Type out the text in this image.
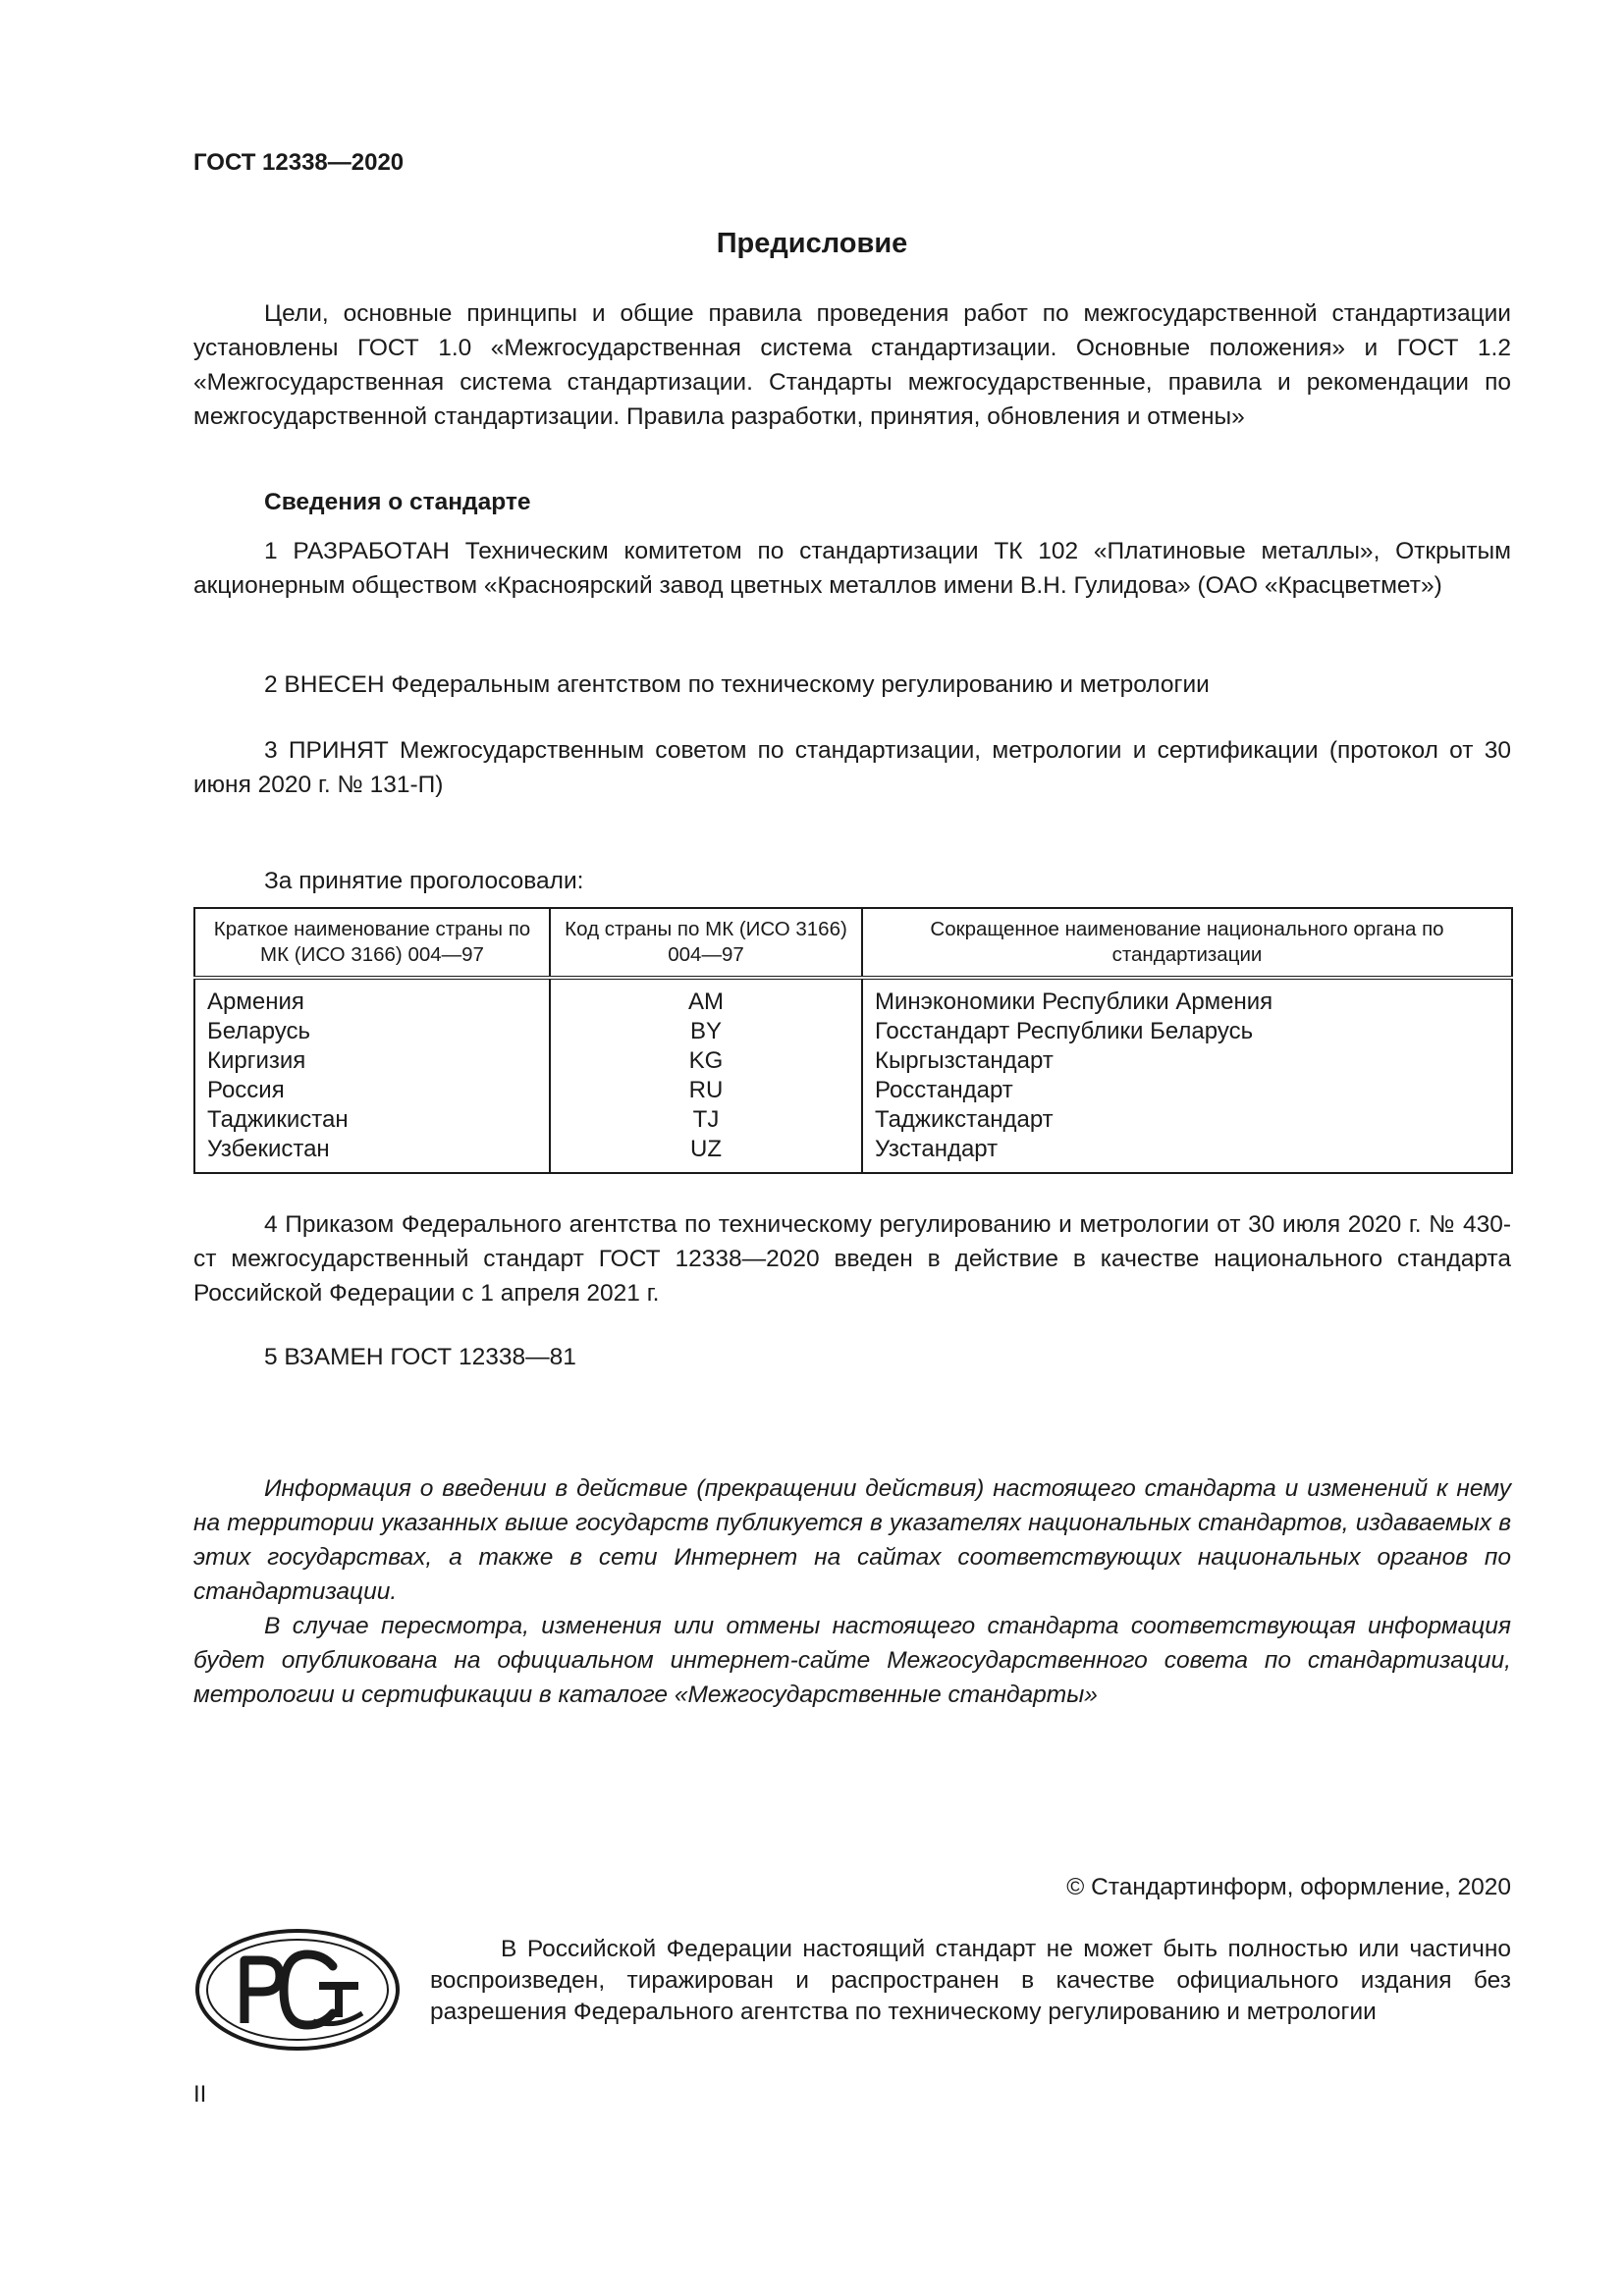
ГОСТ 12338—2020
Предисловие
Цели, основные принципы и общие правила проведения работ по межгосударственной стандартизации установлены ГОСТ 1.0 «Межгосударственная система стандартизации. Основные положения» и ГОСТ 1.2 «Межгосударственная система стандартизации. Стандарты межгосударственные, правила и рекомендации по межгосударственной стандартизации. Правила разработки, принятия, обновления и отмены»
Сведения о стандарте
1 РАЗРАБОТАН Техническим комитетом по стандартизации ТК 102 «Платиновые металлы», Открытым акционерным обществом «Красноярский завод цветных металлов имени В.Н. Гулидова» (ОАО «Красцветмет»)
2 ВНЕСЕН Федеральным агентством по техническому регулированию и метрологии
3 ПРИНЯТ Межгосударственным советом по стандартизации, метрологии и сертификации (протокол от 30 июня 2020 г. № 131-П)
За принятие проголосовали:
Краткое наименование страны по МК (ИСО 3166) 004—97	Код страны по МК (ИСО 3166) 004—97	Сокращенное наименование национального органа по стандартизации
Армения	AM	Минэкономики Республики Армения
Беларусь	BY	Госстандарт Республики Беларусь
Киргизия	KG	Кыргызстандарт
Россия	RU	Росстандарт
Таджикистан	TJ	Таджикстандарт
Узбекистан	UZ	Узстандарт
4 Приказом Федерального агентства по техническому регулированию и метрологии от 30 июля 2020 г. № 430-ст межгосударственный стандарт ГОСТ 12338—2020 введен в действие в качестве национального стандарта Российской Федерации с 1 апреля 2021 г.
5 ВЗАМЕН ГОСТ 12338—81
Информация о введении в действие (прекращении действия) настоящего стандарта и изменений к нему на территории указанных выше государств публикуется в указателях национальных стандартов, издаваемых в этих государствах, а также в сети Интернет на сайтах соответствующих национальных органов по стандартизации.
В случае пересмотра, изменения или отмены настоящего стандарта соответствующая информация будет опубликована на официальном интернет-сайте Межгосударственного совета по стандартизации, метрологии и сертификации в каталоге «Межгосударственные стандарты»
© Стандартинформ, оформление, 2020
В Российской Федерации настоящий стандарт не может быть полностью или частично воспроизведен, тиражирован и распространен в качестве официального издания без разрешения Федерального агентства по техническому регулированию и метрологии
II
